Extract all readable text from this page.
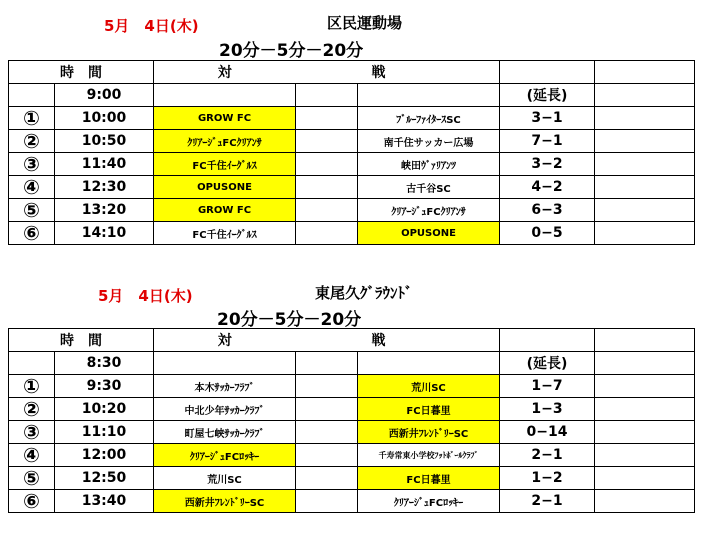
5月　4日(木)	区民運動場
20分－5分－20分
時　間		対		戦		
	9:00				(延長)	
①	10:00	GROW FC		ﾌﾞﾙｰﾌｧｲﾀｰｽSC	3−1	
②	10:50	ｸﾘｱｰｼﾞｭFCｸﾘｱﾝｻ		南千住サッカー広場	7−1	
③	11:40	FC千住ｲｰｸﾞﾙｽ		峡田ｳﾞｧﾘｱﾝﾂ	3−2	
④	12:30	OPUSONE		古千谷SC	4−2	
⑤	13:20	GROW FC		ｸﾘｱｰｼﾞｭFCｸﾘｱﾝｻ	6−3	
⑥	14:10	FC千住ｲｰｸﾞﾙｽ		OPUSONE	0−5	
5月　4日(木)	東尾久ｸﾞﾗｳﾝﾄﾞ
20分－5分－20分
時　間		対		戦		
	8:30				(延長)	
①	9:30	本木ｻｯｶｰﾌﾗﾌﾞ		荒川SC	1−7	
②	10:20	中北少年ｻｯｶｰｸﾗﾌﾞ		FC日暮里	1−3	
③	11:10	町屋七峡ｻｯｶｰｸﾗﾌﾞ		西新井ﾌﾚﾝﾄﾞﾘｰSC	0−14	
④	12:00	ｸﾘｱｰｼﾞｭFCﾛｯｷｰ		千寿常東小学校ﾌｯﾄﾎﾞｰﾙｸﾗﾌﾞ	2−1	
⑤	12:50	荒川SC		FC日暮里	1−2	
⑥	13:40	西新井ﾌﾚﾝﾄﾞﾘｰSC		ｸﾘｱｰｼﾞｭFCﾛｯｷｰ	2−1	
